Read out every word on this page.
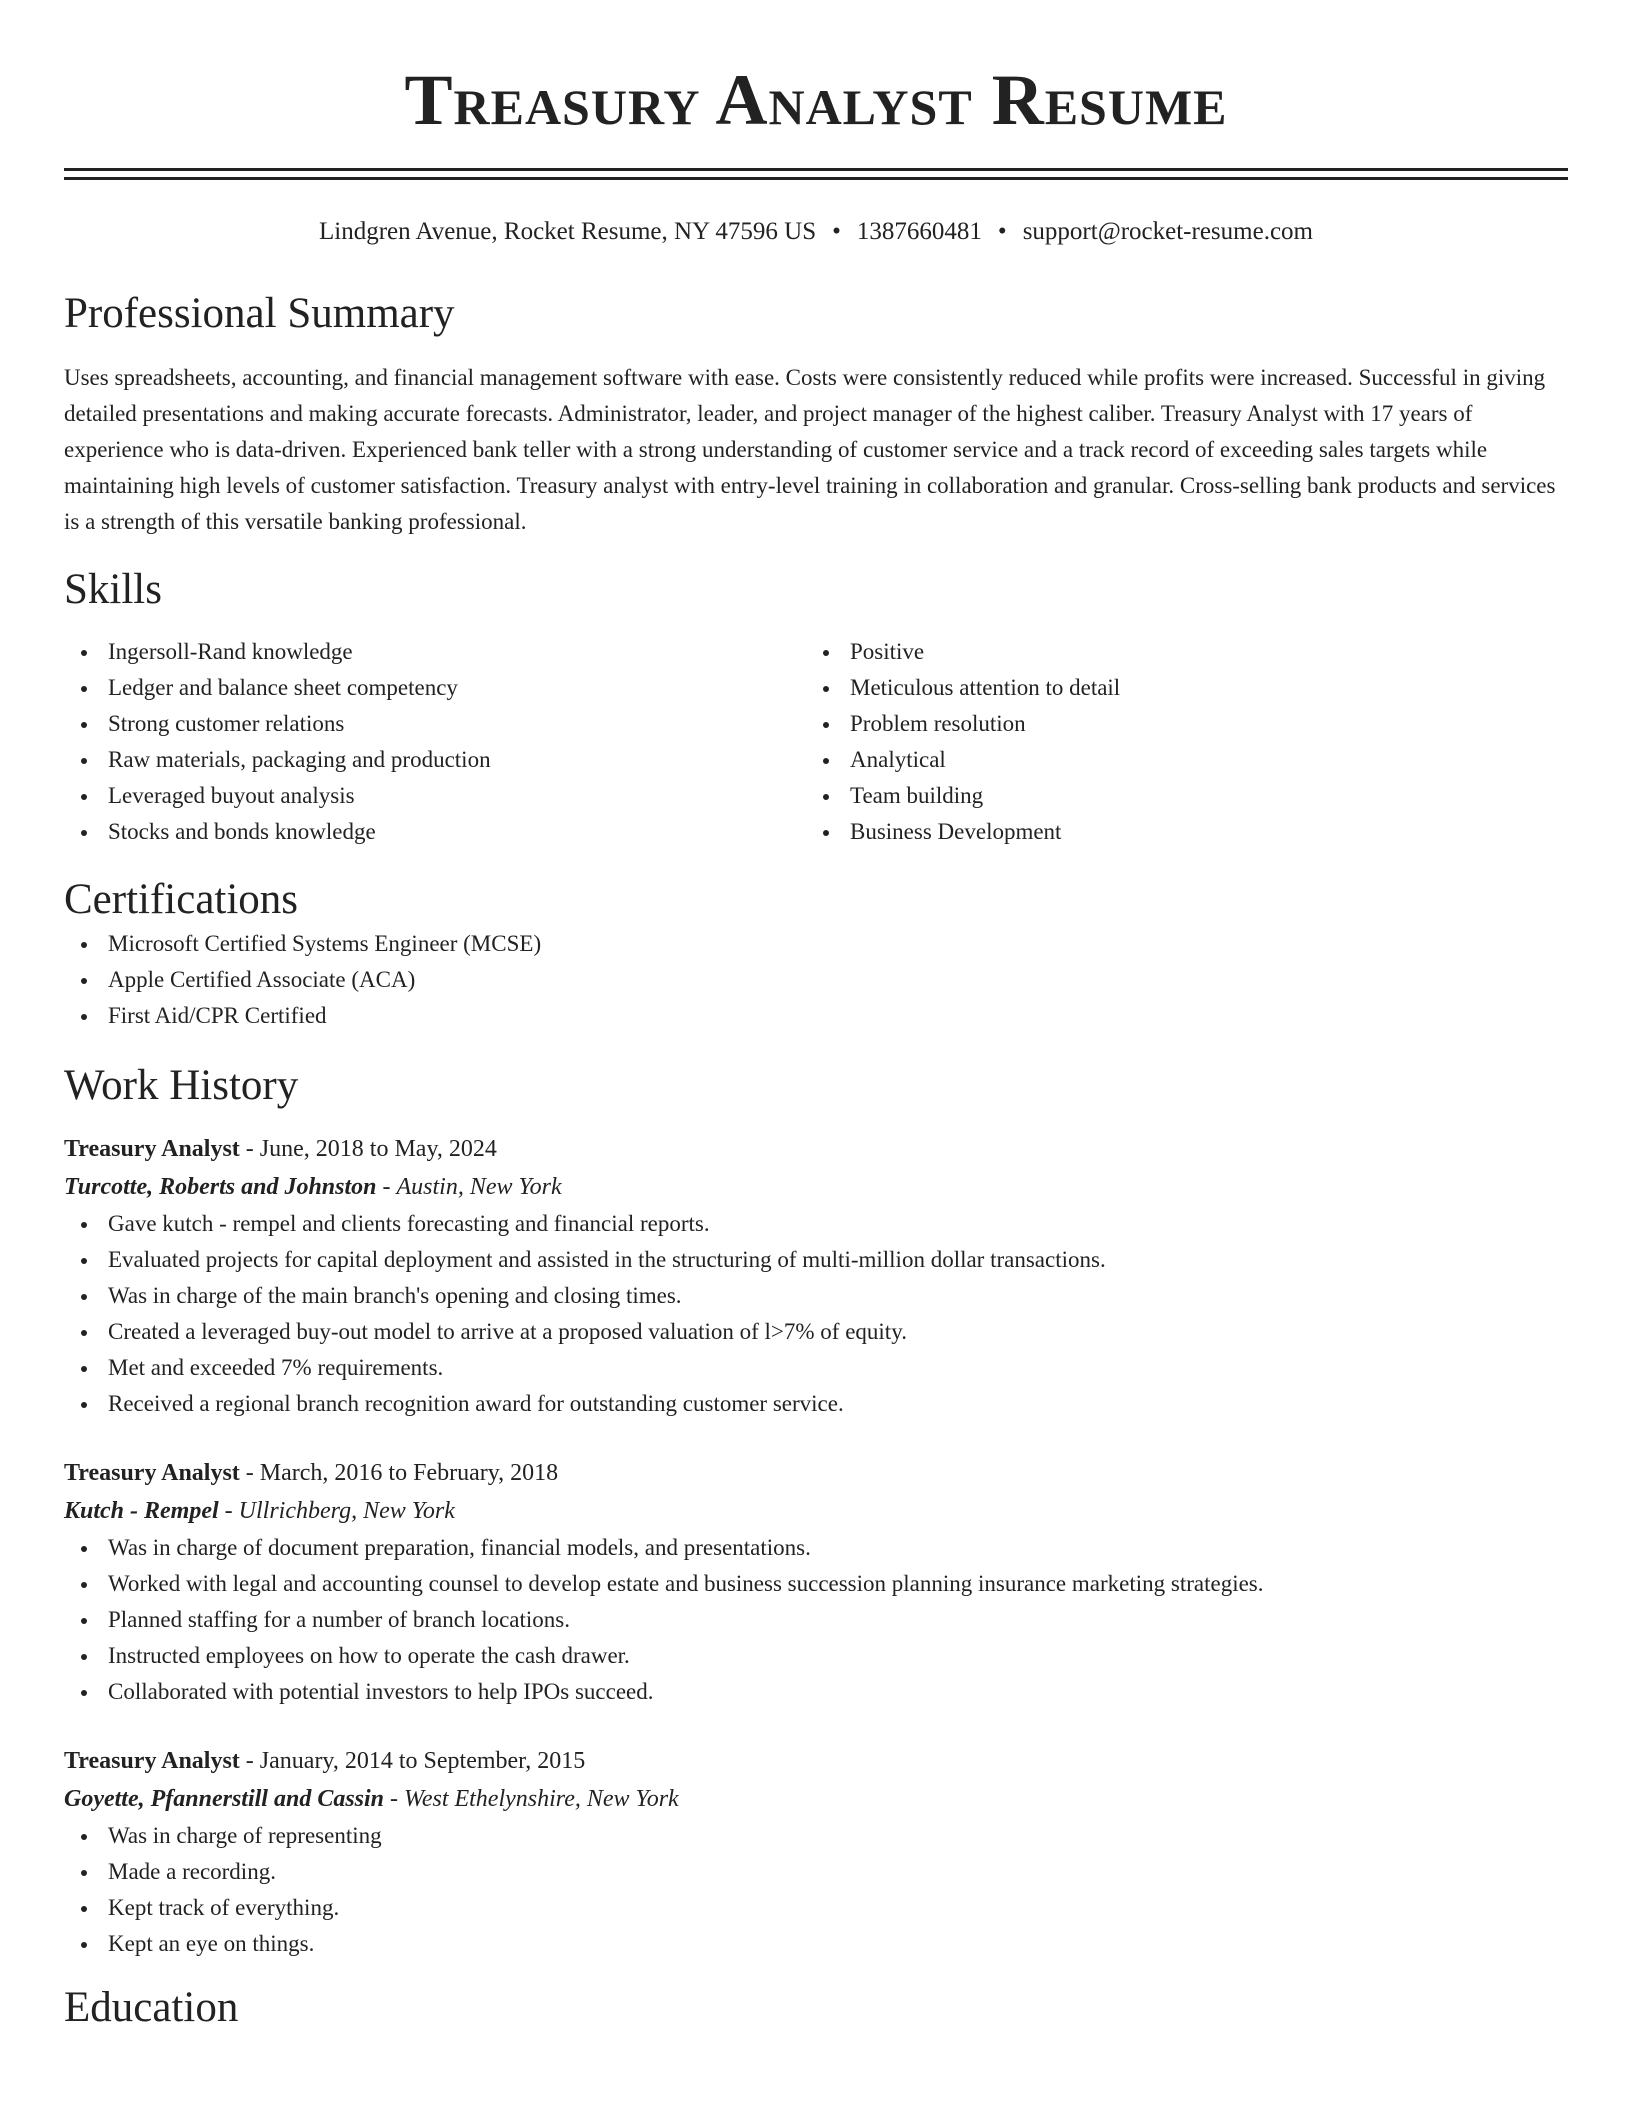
Treasury Analyst Resume
Lindgren Avenue, Rocket Resume, NY 47596 US • 1387660481 • support@rocket-resume.com
Professional Summary

Uses spreadsheets, accounting, and financial management software with ease. Costs were consistently reduced while profits were increased. Successful in giving detailed presentations and making accurate forecasts. Administrator, leader, and project manager of the highest caliber. Treasury Analyst with 17 years of experience who is data-driven. Experienced bank teller with a strong understanding of customer service and a track record of exceeding sales targets while maintaining high levels of customer satisfaction. Treasury analyst with entry-level training in collaboration and granular. Cross-selling bank products and services is a strength of this versatile banking professional.

Skills
Ingersoll-Rand knowledge
Ledger and balance sheet competency
Strong customer relations
Raw materials, packaging and production
Leveraged buyout analysis
Stocks and bonds knowledge
Positive
Meticulous attention to detail
Problem resolution
Analytical
Team building
Business Development
Certifications
Microsoft Certified Systems Engineer (MCSE)
Apple Certified Associate (ACA)
First Aid/CPR Certified
Work History
Treasury Analyst - June, 2018 to May, 2024
Turcotte, Roberts and Johnston - Austin, New York
Gave kutch - rempel and clients forecasting and financial reports.
Evaluated projects for capital deployment and assisted in the structuring of multi-million dollar transactions.
Was in charge of the main branch's opening and closing times.
Created a leveraged buy-out model to arrive at a proposed valuation of l>7% of equity.
Met and exceeded 7% requirements.
Received a regional branch recognition award for outstanding customer service.
Treasury Analyst - March, 2016 to February, 2018
Kutch - Rempel - Ullrichberg, New York
Was in charge of document preparation, financial models, and presentations.
Worked with legal and accounting counsel to develop estate and business succession planning insurance marketing strategies.
Planned staffing for a number of branch locations.
Instructed employees on how to operate the cash drawer.
Collaborated with potential investors to help IPOs succeed.
Treasury Analyst - January, 2014 to September, 2015
Goyette, Pfannerstill and Cassin - West Ethelynshire, New York
Was in charge of representing
Made a recording.
Kept track of everything.
Kept an eye on things.
Education
